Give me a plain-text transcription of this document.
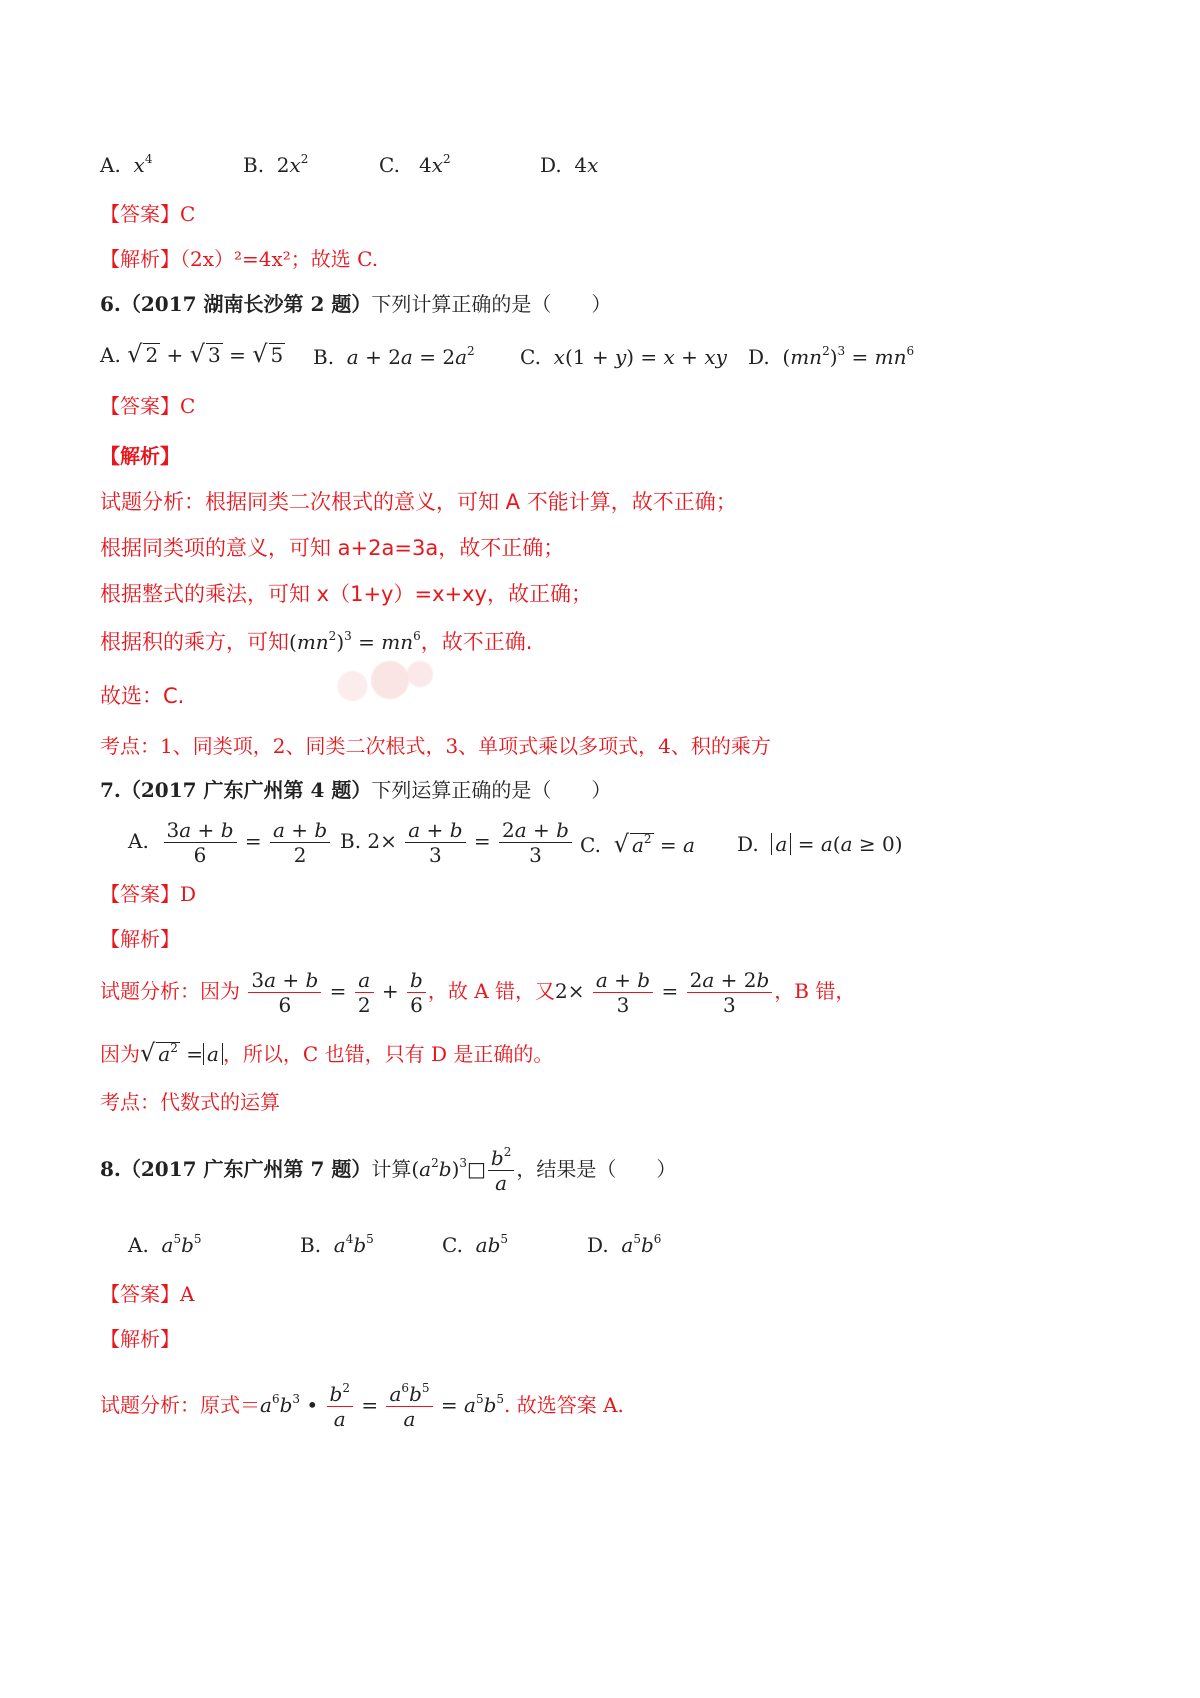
A. $x^4$	B.  $2x^2$	C.   $4x^2$	D.  4x
【答案】C
【解析】（2x）²=4x²；故选 C.
6.（2017 湖南长沙第 2 题）下列计算正确的是（　　）
A. √ 2 + √ 3 = √ 5 B. $a + 2a = 2a^2$ C. x(1 + y) = x + xy D.  $(mn^2)^3 = mn^6$
【答案】C
【解析】
试题分析：根据同类二次根式的意义，可知 A 不能计算，故不正确；
根据同类项的意义，可知 a+2a=3a，故不正确；
根据整式的乘法，可知 x（1+y）=x+xy，故正确；
根据积的乘方，可知$(mn^2)^3 = mn^6$，故不正确.
故选：C.
考点：1、同类项，2、同类二次根式，3、单项式乘以多项式，4、积的乘方
7.（2017 广东广州第 4 题）下列运算正确的是（　　）
A. $\frac{3a + b}{6} = \frac{a + b}{2} B$. $2\times \frac{a + b}{3} = \frac{2a + b}{3} C$. √ $a^2 = a$ D. a = a(a ≥ 0)
【答案】D
【解析】
试题分析：因为 $\frac{3a + b}{6} = \frac{a}{2} + \frac{b}{6}$ ，故 A 错，又$2\times \frac{a + b}{3} = \frac{2a + 2b}{3}$ ，B 错，
因为√ $a^2 = a$ ，所以，C 也错，只有 D 是正确的。
考点：代数式的运算
8.（2017 广东广州第 7 题）计算$(a^2b)^3□ \frac{b^2}{a}$ ，结果是（　　）
A. $a^5b^5$	B. $a^4b^5$	C. $ab^5$	D. $a^5b^6$
【答案】A
【解析】
试题分析：原式$=a^6b^3$ • $\frac{b^2}{a} = \frac{a^6b^5}{a} = a^5b^5$. 故选答案 A.
